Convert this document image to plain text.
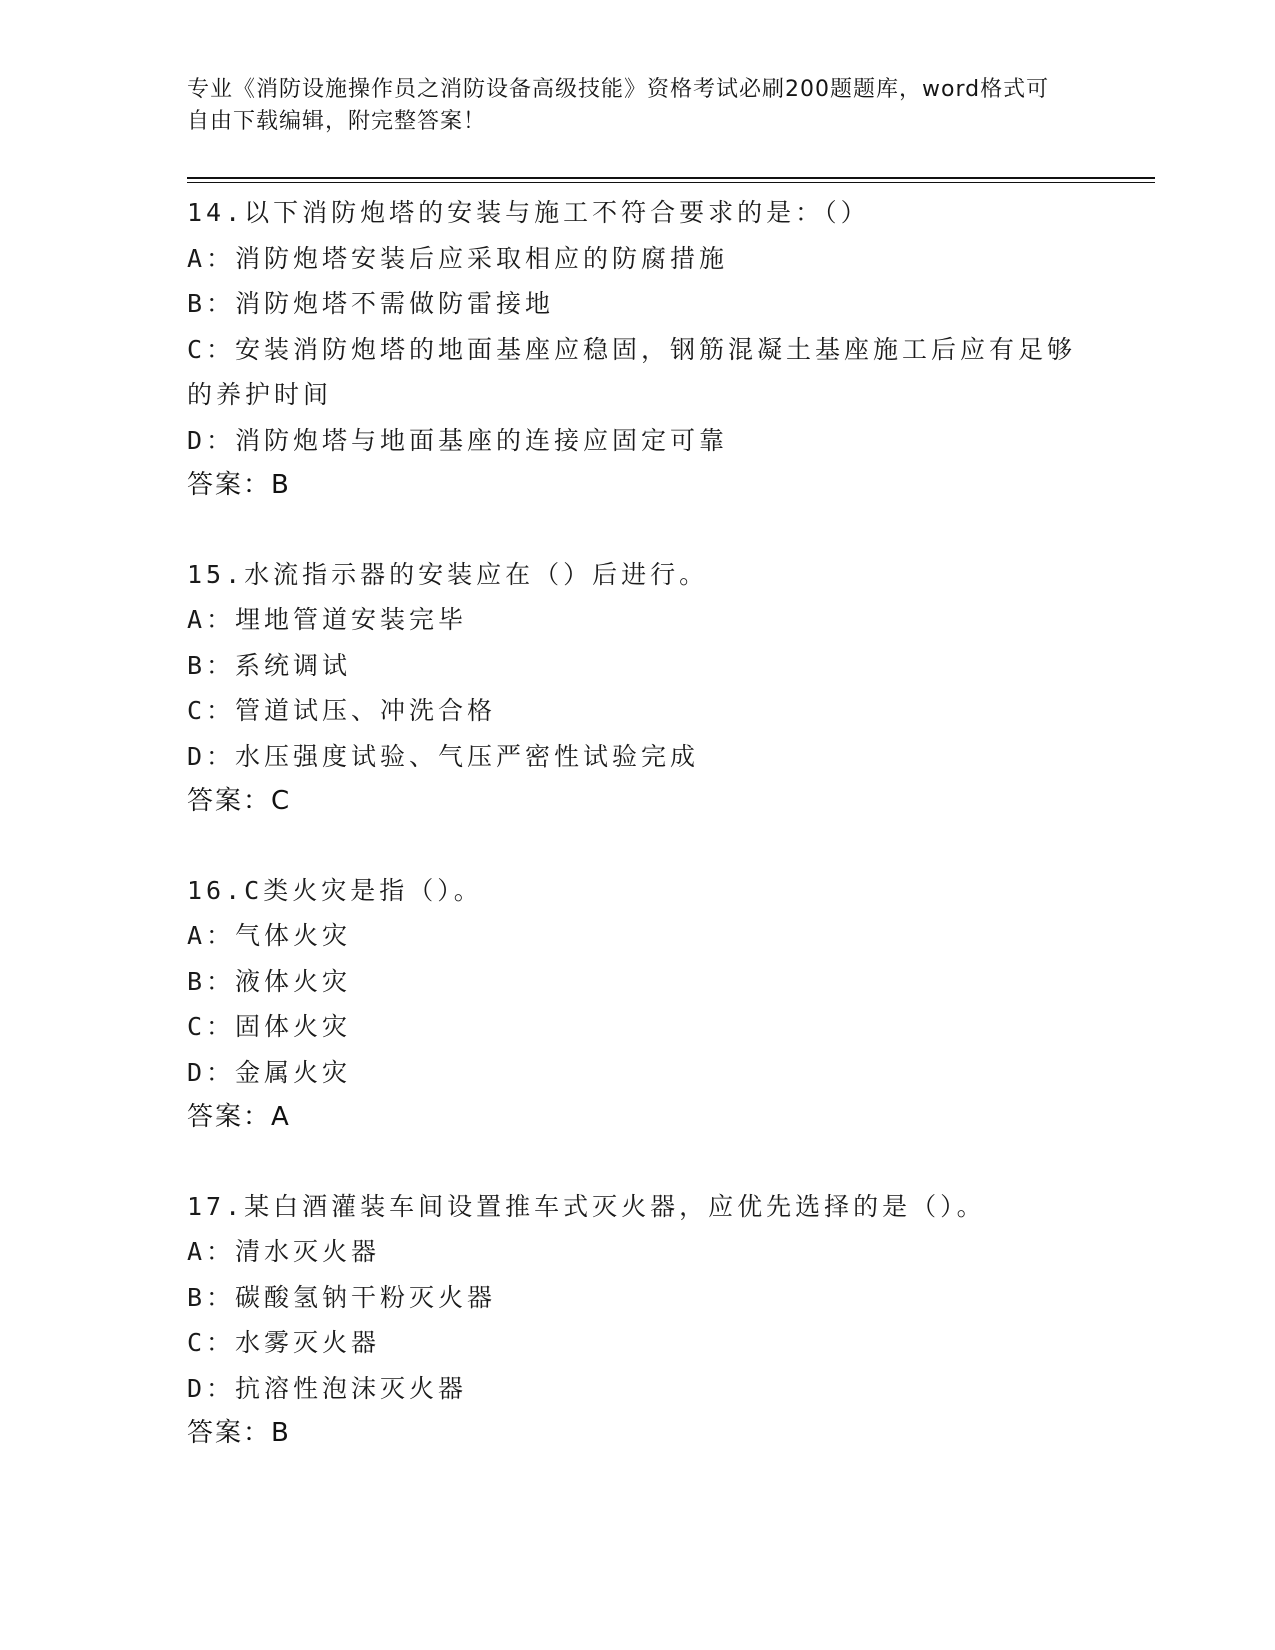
专业《消防设施操作员之消防设备高级技能》资格考试必刷200题题库，word格式可自由下载编辑，附完整答案！
14.以下消防炮塔的安装与施工不符合要求的是：（）
A：消防炮塔安装后应采取相应的防腐措施
B：消防炮塔不需做防雷接地
C：安装消防炮塔的地面基座应稳固，钢筋混凝土基座施工后应有足够的养护时间
D：消防炮塔与地面基座的连接应固定可靠
答案：B
15.水流指示器的安装应在（）后进行。
A：埋地管道安装完毕
B：系统调试
C：管道试压、冲洗合格
D：水压强度试验、气压严密性试验完成
答案：C
16.C类火灾是指（）。
A：气体火灾
B：液体火灾
C：固体火灾
D：金属火灾
答案：A
17.某白酒灌装车间设置推车式灭火器，应优先选择的是（）。
A：清水灭火器
B：碳酸氢钠干粉灭火器
C：水雾灭火器
D：抗溶性泡沫灭火器
答案：B
